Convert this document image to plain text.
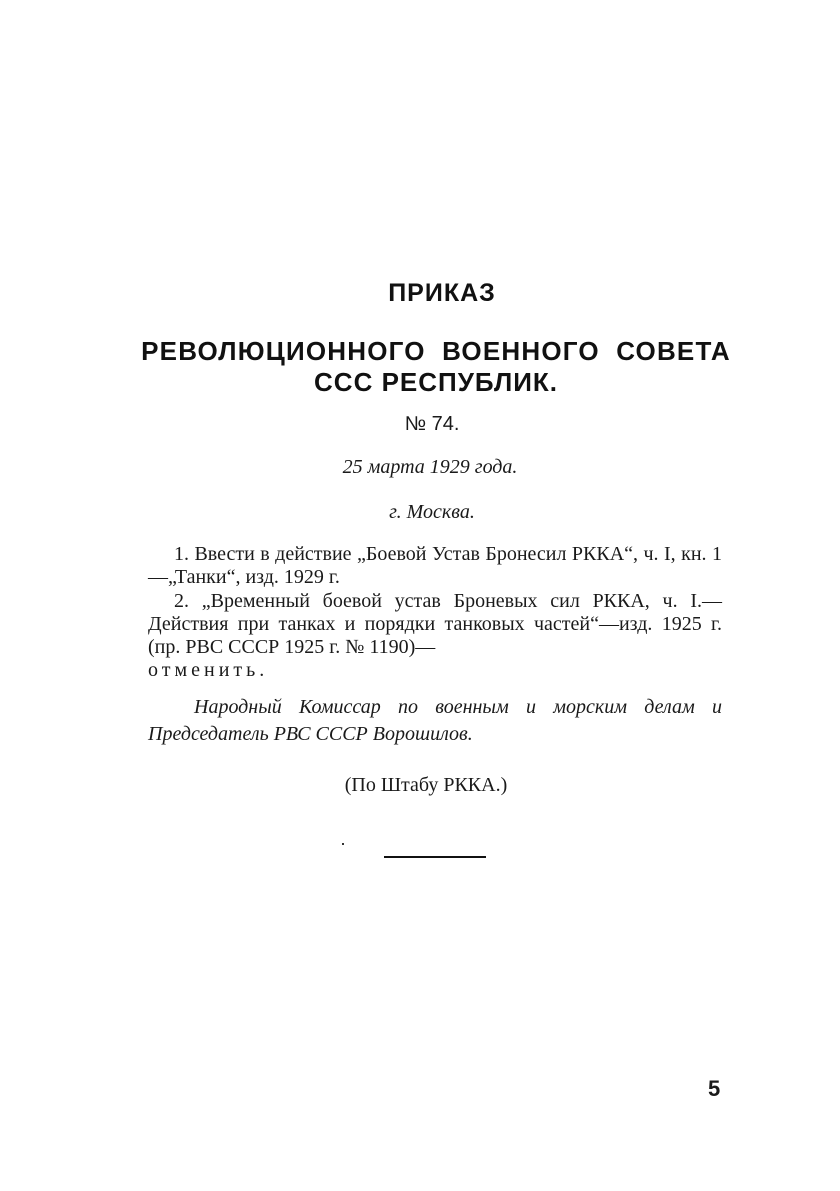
ПРИКАЗ
РЕВОЛЮЦИОННОГО ВОЕННОГО СОВЕТА
ССС РЕСПУБЛИК.
№ 74.
25 марта 1929 года.
г. Москва.
1. Ввести в действие „Боевой Устав Бронесил РККА“, ч. I, кн. 1—„Танки“, изд. 1929 г.
2. „Временный боевой устав Броневых сил РККА, ч. I.—Действия при танках и порядки танковых частей“—изд. 1925 г. (пр. РВС СССР 1925 г. № 1190)—
отменить.
Народный Комиссар по военным и морским делам и Председатель РВС СССР Ворошилов.
(По Штабу РККА.)
5
